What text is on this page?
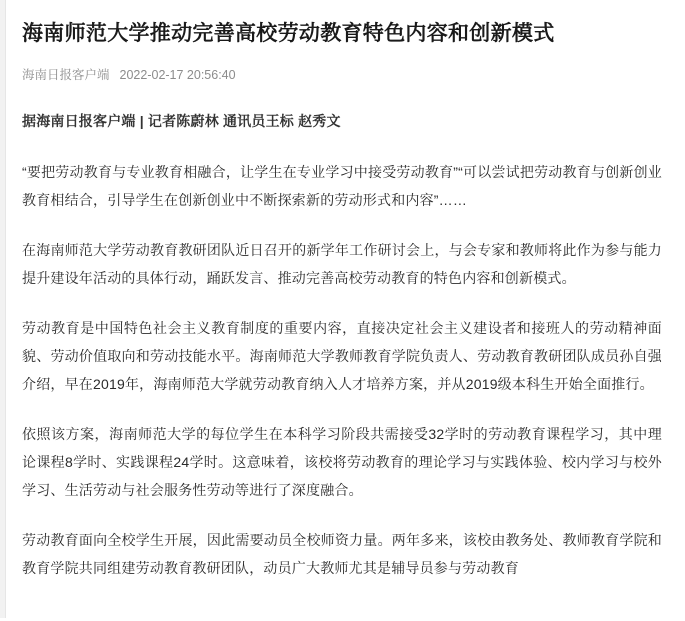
海南师范大学推动完善高校劳动教育特色内容和创新模式
海南日报客户端 2022-02-17 20:56:40
据海南日报客户端 | 记者陈蔚林 通讯员王标 赵秀文

“要把劳动教育与专业教育相融合，让学生在专业学习中接受劳动教育”“可以尝试把劳动教育与创新创业教育相结合，引导学生在创新创业中不断探索新的劳动形式和内容”……

在海南师范大学劳动教育教研团队近日召开的新学年工作研讨会上，与会专家和教师将此作为参与能力提升建设年活动的具体行动，踊跃发言、推动完善高校劳动教育的特色内容和创新模式。

劳动教育是中国特色社会主义教育制度的重要内容，直接决定社会主义建设者和接班人的劳动精神面貌、劳动价值取向和劳动技能水平。海南师范大学教师教育学院负责人、劳动教育教研团队成员孙自强介绍，早在2019年，海南师范大学就劳动教育纳入人才培养方案，并从2019级本科生开始全面推行。

依照该方案，海南师范大学的每位学生在本科学习阶段共需接受32学时的劳动教育课程学习，其中理论课程8学时、实践课程24学时。这意味着，该校将劳动教育的理论学习与实践体验、校内学习与校外学习、生活劳动与社会服务性劳动等进行了深度融合。

劳动教育面向全校学生开展，因此需要动员全校师资力量。两年多来，该校由教务处、教师教育学院和教育学院共同组建劳动教育教研团队，动员广大教师尤其是辅导员参与劳动教育
